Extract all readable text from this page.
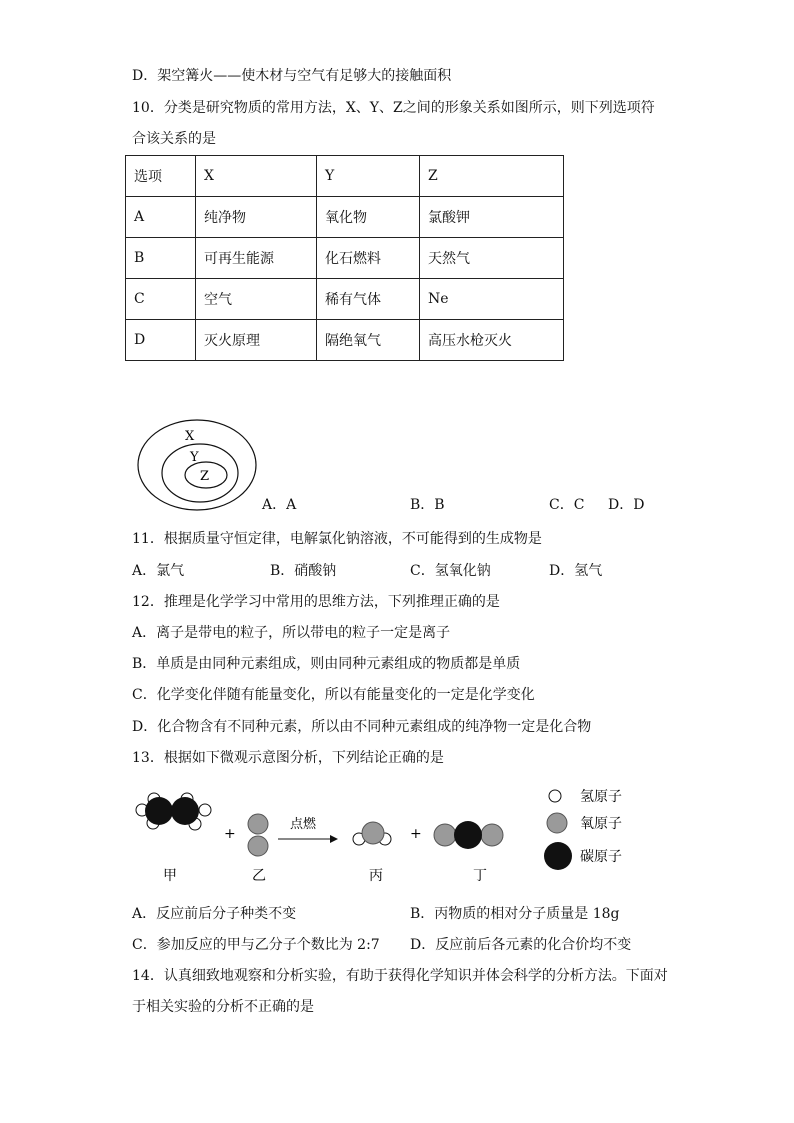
D．架空篝火——使木材与空气有足够大的接触面积
10．分类是研究物质的常用方法，X、Y、Z之间的形象关系如图所示，则下列选项符
合该关系的是
选项	X	Y	Z
A	纯净物	氧化物	氯酸钾
B	可再生能源	化石燃料	天然气
C	空气	稀有气体	Ne
D	灭火原理	隔绝氧气	高压水枪灭火
X
Y
Z
A．A	B．B	C．C D．D
11．根据质量守恒定律，电解氯化钠溶液，不可能得到的生成物是
A．氯气	B．硝酸钠	C．氢氧化钠	D．氢气
12．推理是化学学习中常用的思维方法，下列推理正确的是
A．离子是带电的粒子，所以带电的粒子一定是离子
B．单质是由同种元素组成，则由同种元素组成的物质都是单质
C．化学变化伴随有能量变化，所以有能量变化的一定是化学变化
D．化合物含有不同种元素，所以由不同种元素组成的纯净物一定是化合物
13．根据如下微观示意图分析，下列结论正确的是
+
点燃
+
甲	乙	丙	丁
氢原子
氧原子
碳原子
A．反应前后分子种类不变	B．丙物质的相对分子质量是 18g
C．参加反应的甲与乙分子个数比为 2:7 D．反应前后各元素的化合价均不变
14．认真细致地观察和分析实验，有助于获得化学知识并体会科学的分析方法。下面对
于相关实验的分析不正确的是
